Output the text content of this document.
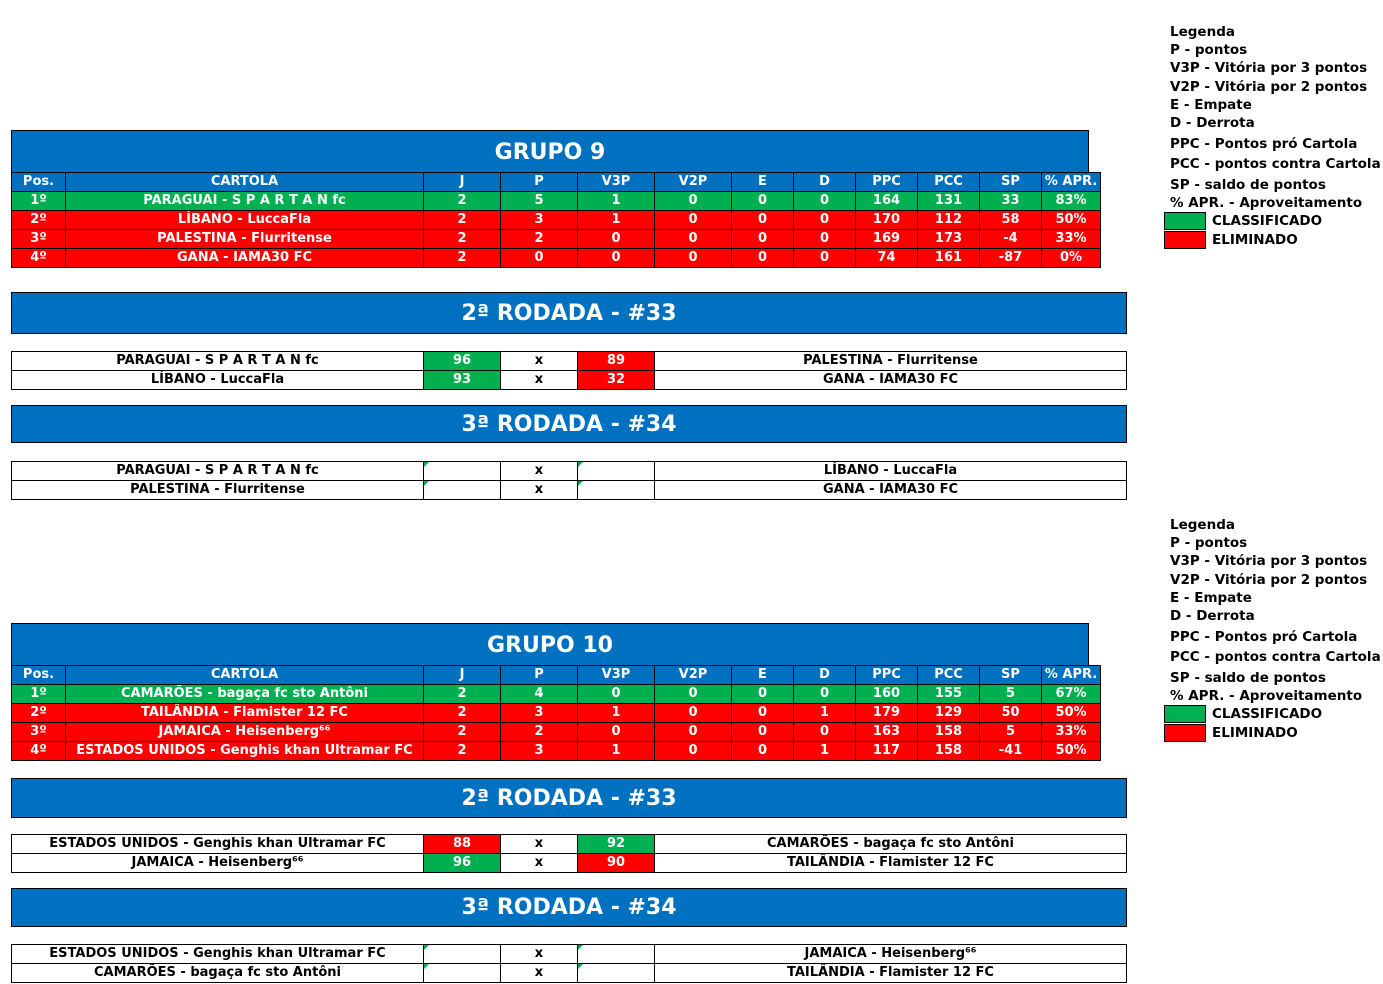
Legenda
P - pontos
V3P - Vitória por 3 pontos
V2P - Vitória por 2 pontos
E - Empate
D - Derrota
PPC - Pontos pró Cartola
PCC - pontos contra Cartola
SP - saldo de pontos
% APR. - Aproveitamento
CLASSIFICADO
ELIMINADO
Legenda
P - pontos
V3P - Vitória por 3 pontos
V2P - Vitória por 2 pontos
E - Empate
D - Derrota
PPC - Pontos pró Cartola
PCC - pontos contra Cartola
SP - saldo de pontos
% APR. - Aproveitamento
CLASSIFICADO
ELIMINADO
GRUPO 9
Pos.	CARTOLA	J	P	V3P	V2P	E	D	PPC	PCC	SP	% APR.
1º	PARAGUAI - S P A R T A N fc	2	5	1	0	0	0	164	131	33	83%
2º	LÍBANO - LuccaFla	2	3	1	0	0	0	170	112	58	50%
3º	PALESTINA - Flurritense	2	2	0	0	0	0	169	173	-4	33%
4º	GANA - IAMA30 FC	2	0	0	0	0	0	74	161	-87	0%
2ª RODADA - #33
PARAGUAI - S P A R T A N fc	96	x	89	PALESTINA - Flurritense
LÍBANO - LuccaFla	93	x	32	GANA - IAMA30 FC
3ª RODADA - #34
PARAGUAI - S P A R T A N fc		x		LÍBANO - LuccaFla
PALESTINA - Flurritense		x		GANA - IAMA30 FC
GRUPO 10
Pos.	CARTOLA	J	P	V3P	V2P	E	D	PPC	PCC	SP	% APR.
1º	CAMARÕES - bagaça fc sto Antôni	2	4	0	0	0	0	160	155	5	67%
2º	TAILÂNDIA - Flamister 12 FC	2	3	1	0	0	1	179	129	50	50%
3º	JAMAICA - Heisenberg⁶⁶	2	2	0	0	0	0	163	158	5	33%
4º	ESTADOS UNIDOS - Genghis khan Ultramar FC	2	3	1	0	0	1	117	158	-41	50%
2ª RODADA - #33
ESTADOS UNIDOS - Genghis khan Ultramar FC	88	x	92	CAMARÕES - bagaça fc sto Antôni
JAMAICA - Heisenberg⁶⁶	96	x	90	TAILÂNDIA - Flamister 12 FC
3ª RODADA - #34
ESTADOS UNIDOS - Genghis khan Ultramar FC		x		JAMAICA - Heisenberg⁶⁶
CAMARÕES - bagaça fc sto Antôni		x		TAILÂNDIA - Flamister 12 FC
